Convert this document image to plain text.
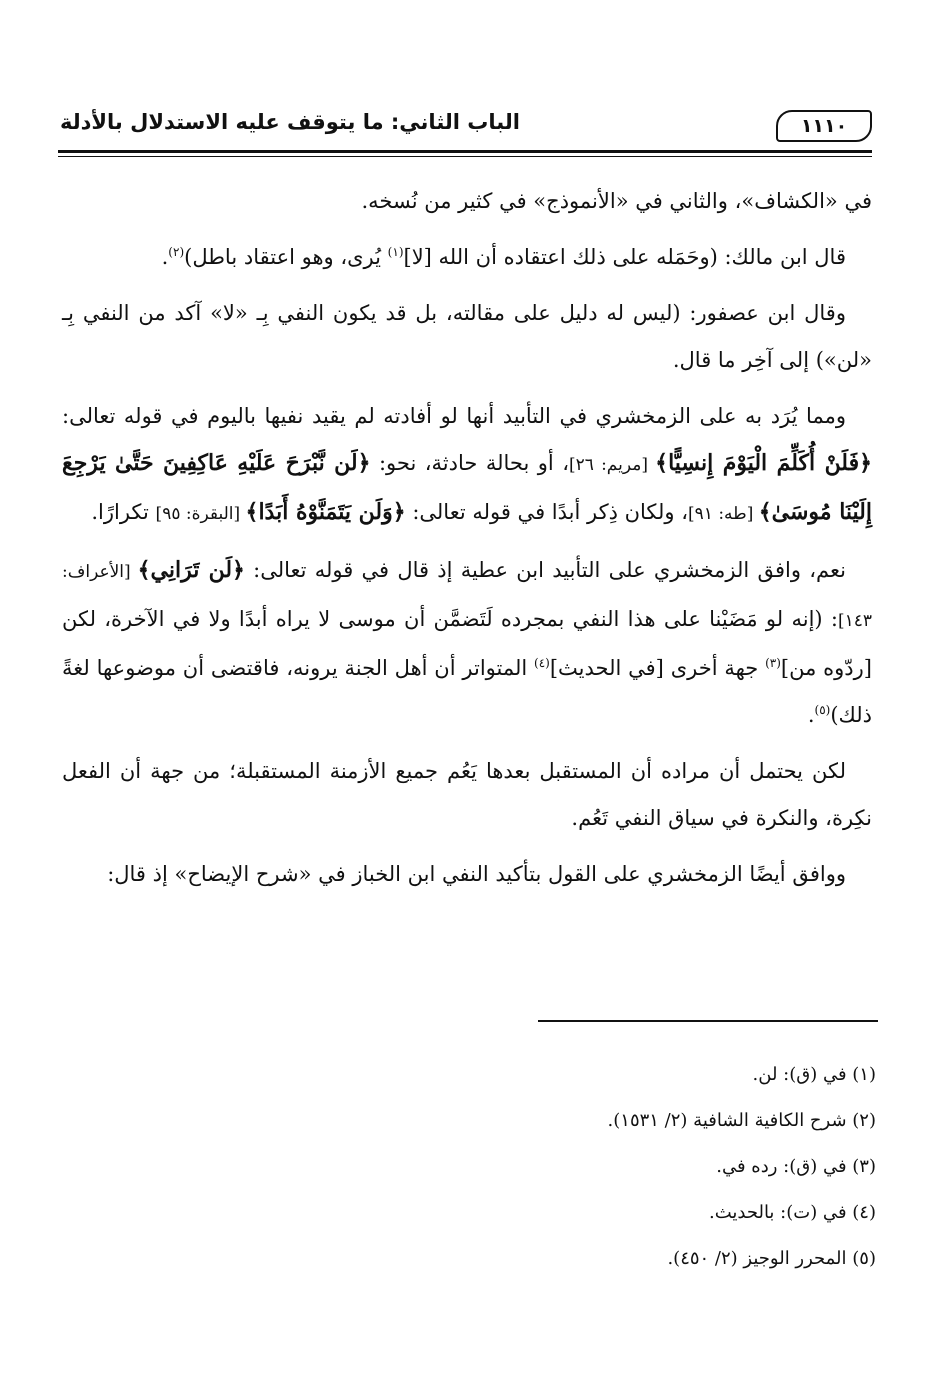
١١١٠
الباب الثاني: ما يتوقف عليه الاستدلال بالأدلة

في «الكشاف»، والثاني في «الأنموذج» في كثير من نُسخه.

قال ابن مالك: (وحَمَله على ذلك اعتقاده أن الله [لا]$^{(١)}$ يُرى، وهو اعتقاد باطل)$^{(٢)}$.

وقال ابن عصفور: (ليس له دليل على مقالته، بل قد يكون النفي بِـ «لا» آكد من النفي بِـ «لن») إلى آخِر ما قال.

ومما يُرَد به على الزمخشري في التأبيد أنها لو أفادته لم يقيد نفيها باليوم في قوله تعالى: ﴿فَلَنْ أُكَلِّمَ الْيَوْمَ إِنسِيًّا﴾ [مريم: ٢٦]، أو بحالة حادثة، نحو: ﴿لَن نَّبْرَحَ عَلَيْهِ عَاكِفِينَ حَتَّىٰ يَرْجِعَ إِلَيْنَا مُوسَىٰ﴾ [طه: ٩١]، ولكان ذِكر أبدًا في قوله تعالى: ﴿وَلَن يَتَمَنَّوْهُ أَبَدًا﴾ [البقرة: ٩٥] تكرارًا.

نعم، وافق الزمخشري على التأبيد ابن عطية إذ قال في قوله تعالى: ﴿لَن تَرَانِي﴾ [الأعراف: ١٤٣]: (إنه لو مَضَيْنا على هذا النفي بمجرده لَتَضمَّن أن موسى لا يراه أبدًا ولا في الآخرة، لكن [ردّوه من]$^{(٣)}$ جهة أخرى [في الحديث]$^{(٤)}$ المتواتر أن أهل الجنة يرونه، فاقتضى أن موضوعها لغةً ذلك)$^{(٥)}$.

لكن يحتمل أن مراده أن المستقبل بعدها يَعُم جميع الأزمنة المستقبلة؛ من جهة أن الفعل نكِرة، والنكرة في سياق النفي تَعُم.

ووافق أيضًا الزمخشري على القول بتأكيد النفي ابن الخباز في «شرح الإيضاح» إذ قال:

(١) في (ق): لن.
(٢) شرح الكافية الشافية (٢/ ١٥٣١).
(٣) في (ق): رده في.
(٤) في (ت): بالحديث.
(٥) المحرر الوجيز (٢/ ٤٥٠).
